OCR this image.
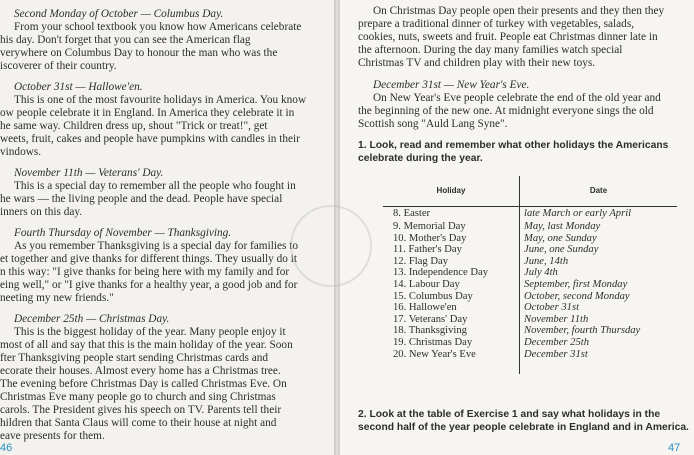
Second Monday of October — Columbus Day.
From your school textbook you know how Americans celebrate
his day. Don't forget that you can see the American flag
verywhere on Columbus Day to honour the man who was the
iscoverer of their country.
October 31st — Hallowe'en.
This is one of the most favourite holidays in America. You know
ow people celebrate it in England. In America they celebrate it in
he same way. Children dress up, shout "Trick or treat!", get
weets, fruit, cakes and people have pumpkins with candles in their
vindows.
November 11th — Veterans' Day.
This is a special day to remember all the people who fought in
he wars — the living people and the dead. People have special
inners on this day.
Fourth Thursday of November — Thanksgiving.
As you remember Thanksgiving is a special day for families to
et together and give thanks for different things. They usually do it
n this way: "I give thanks for being here with my family and for
eing well," or "I give thanks for a healthy year, a good job and for
neeting my new friends."
December 25th — Christmas Day.
This is the biggest holiday of the year. Many people enjoy it
most of all and say that this is the main holiday of the year. Soon
fter Thanksgiving people start sending Christmas cards and
ecorate their houses. Almost every home has a Christmas tree.
The evening before Christmas Day is called Christmas Eve. On
Christmas Eve many people go to church and sing Christmas
carols. The President gives his speech on TV. Parents tell their
hildren that Santa Claus will come to their house at night and
eave presents for them.
46
On Christmas Day people open their presents and they then they
prepare a traditional dinner of turkey with vegetables, salads,
cookies, nuts, sweets and fruit. People eat Christmas dinner late in
the afternoon. During the day many families watch special
Christmas TV and children play with their new toys.
December 31st — New Year's Eve.
On New Year's Eve people celebrate the end of the old year and
the beginning of the new one. At midnight everyone sings the old
Scottish song "Auld Lang Syne".
1. Look, read and remember what other holidays the Americans
celebrate during the year.
Holiday	Date
8. Easter	late March or early April
9. Memorial Day	May, last Monday
10. Mother's Day	May, one Sunday
11. Father's Day	June, one Sunday
12. Flag Day	June, 14th
13. Independence Day	July 4th
14. Labour Day	September, first Monday
15. Columbus Day	October, second Monday
16. Hallowe'en	October 31st
17. Veterans' Day	November 11th
18. Thanksgiving	November, fourth Thursday
19. Christmas Day	December 25th
20. New Year's Eve	December 31st

2. Look at the table of Exercise 1 and say what holidays in the
second half of the year people celebrate in England and in America.
47
